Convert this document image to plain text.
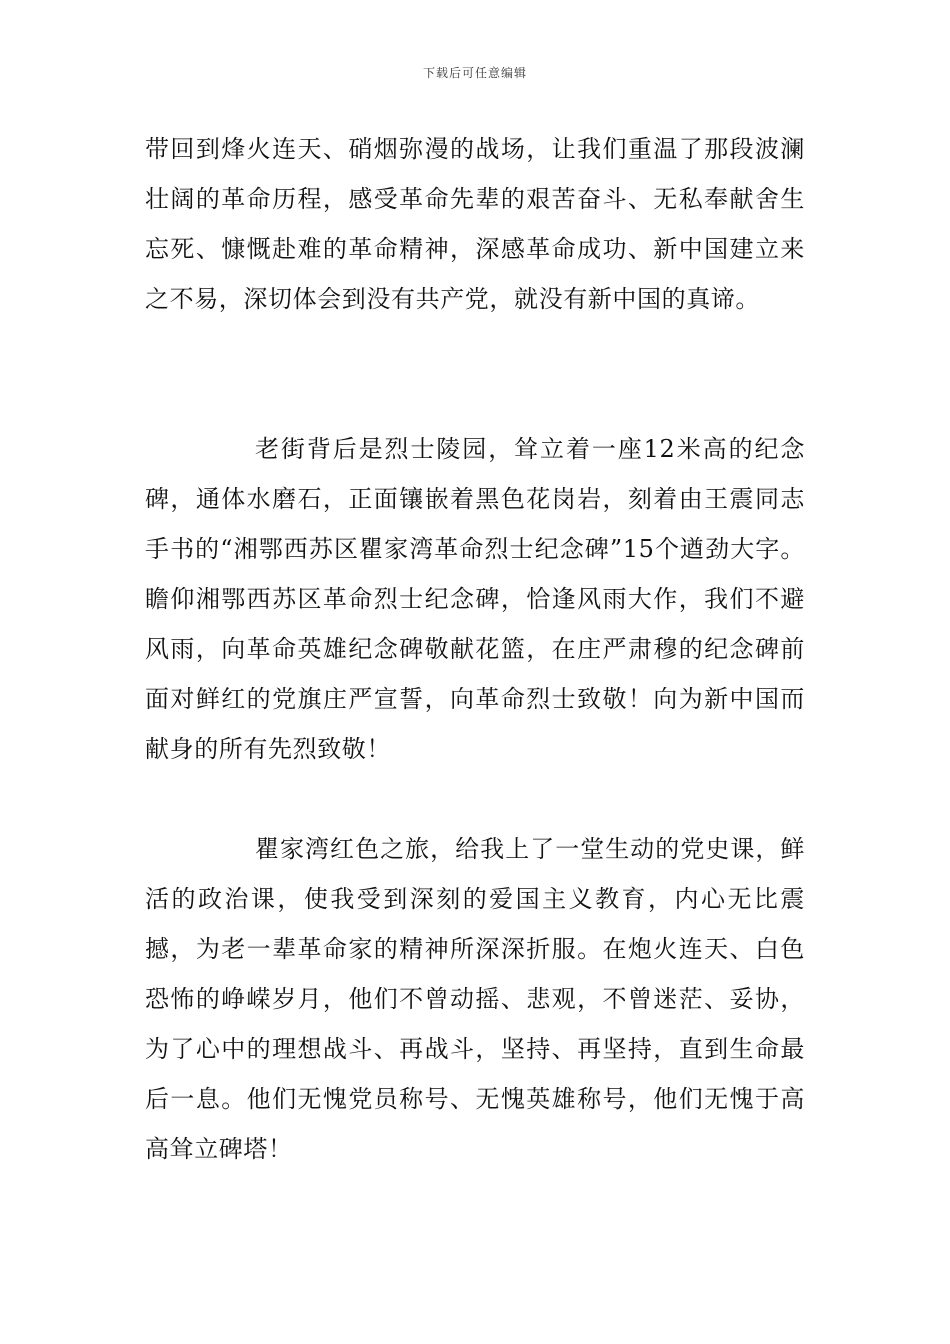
下载后可任意编辑

带回到烽火连天、硝烟弥漫的战场，让我们重温了那段波澜壮阔的革命历程，感受革命先辈的艰苦奋斗、无私奉献舍生忘死、慷慨赴难的革命精神，深感革命成功、新中国建立来之不易，深切体会到没有共产党，就没有新中国的真谛。

老街背后是烈士陵园，耸立着一座12米高的纪念碑，通体水磨石，正面镶嵌着黑色花岗岩，刻着由王震同志手书的“湘鄂西苏区瞿家湾革命烈士纪念碑”15个遒劲大字。瞻仰湘鄂西苏区革命烈士纪念碑，恰逢风雨大作，我们不避风雨，向革命英雄纪念碑敬献花篮，在庄严肃穆的纪念碑前面对鲜红的党旗庄严宣誓，向革命烈士致敬！向为新中国而献身的所有先烈致敬！

瞿家湾红色之旅，给我上了一堂生动的党史课，鲜活的政治课，使我受到深刻的爱国主义教育，内心无比震撼，为老一辈革命家的精神所深深折服。在炮火连天、白色恐怖的峥嵘岁月，他们不曾动摇、悲观，不曾迷茫、妥协，为了心中的理想战斗、再战斗，坚持、再坚持，直到生命最后一息。他们无愧党员称号、无愧英雄称号，他们无愧于高高耸立碑塔！
